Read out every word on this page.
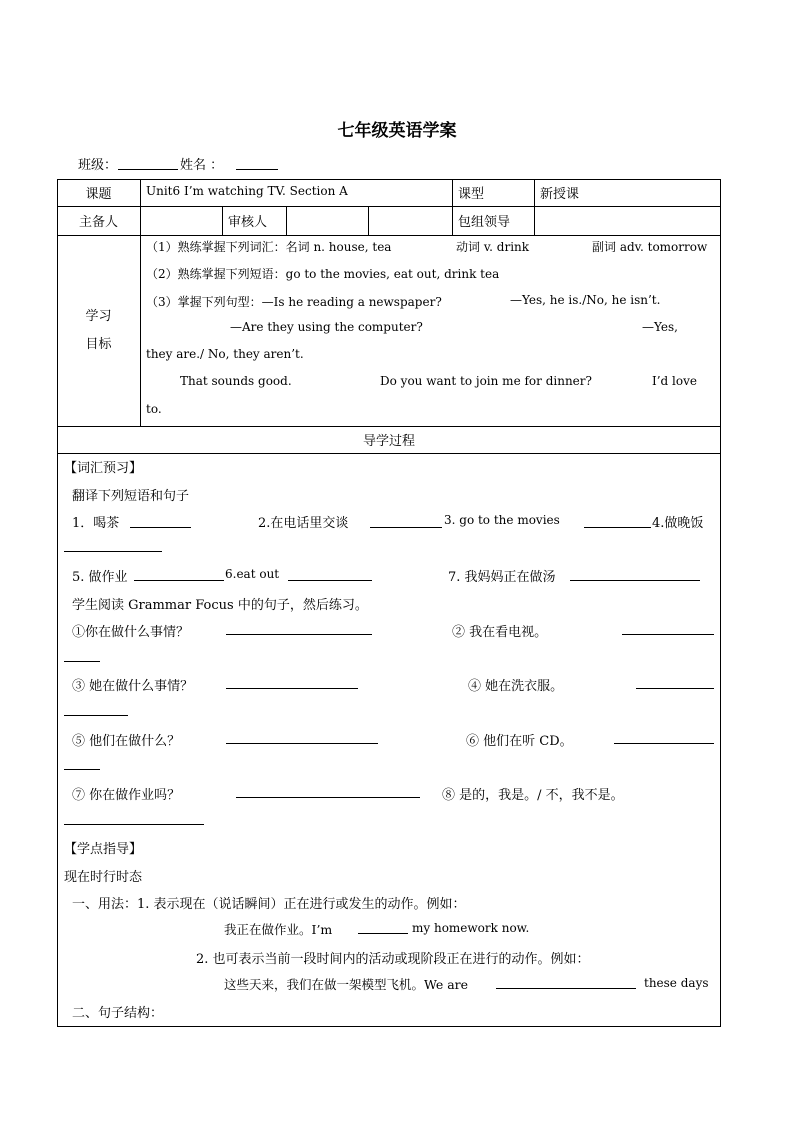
七年级英语学案
班级：	姓名 ：
课题	Unit6 I’m watching TV. Section A	课型	新授课
主备人	审核人	包组领导
学习
目标
（1）熟练掌握下列词汇：名词 n. house, tea	动词 v. drink	副词 adv. tomorrow
（2）熟练掌握下列短语：go to the movies, eat out, drink tea
（3）掌握下列句型：—Is he reading a newspaper?	—Yes, he is./No, he isn’t.
—Are they using the computer?	—Yes,
they are./ No, they aren’t.
That sounds good.	Do you want to join me for dinner?	I’d love
to.
导学过程
【词汇预习】
翻译下列短语和句子
1．喝茶	2.在电话里交谈	3. go to the movies	4.做晚饭
5. 做作业	6.eat out	7. 我妈妈正在做汤
学生阅读 Grammar Focus 中的句子，然后练习。
①你在做什么事情？	② 我在看电视。
③ 她在做什么事情？	④ 她在洗衣服。
⑤ 他们在做什么？	⑥ 他们在听 CD。
⑦ 你在做作业吗？	⑧ 是的，我是。/ 不，我不是。
【学点指导】
现在时行时态
一、用法：1. 表示现在（说话瞬间）正在进行或发生的动作。例如：
我正在做作业。I’m	my homework now.
2. 也可表示当前一段时间内的活动或现阶段正在进行的动作。例如：
这些天来，我们在做一架模型飞机。We are	these days
二、句子结构：
